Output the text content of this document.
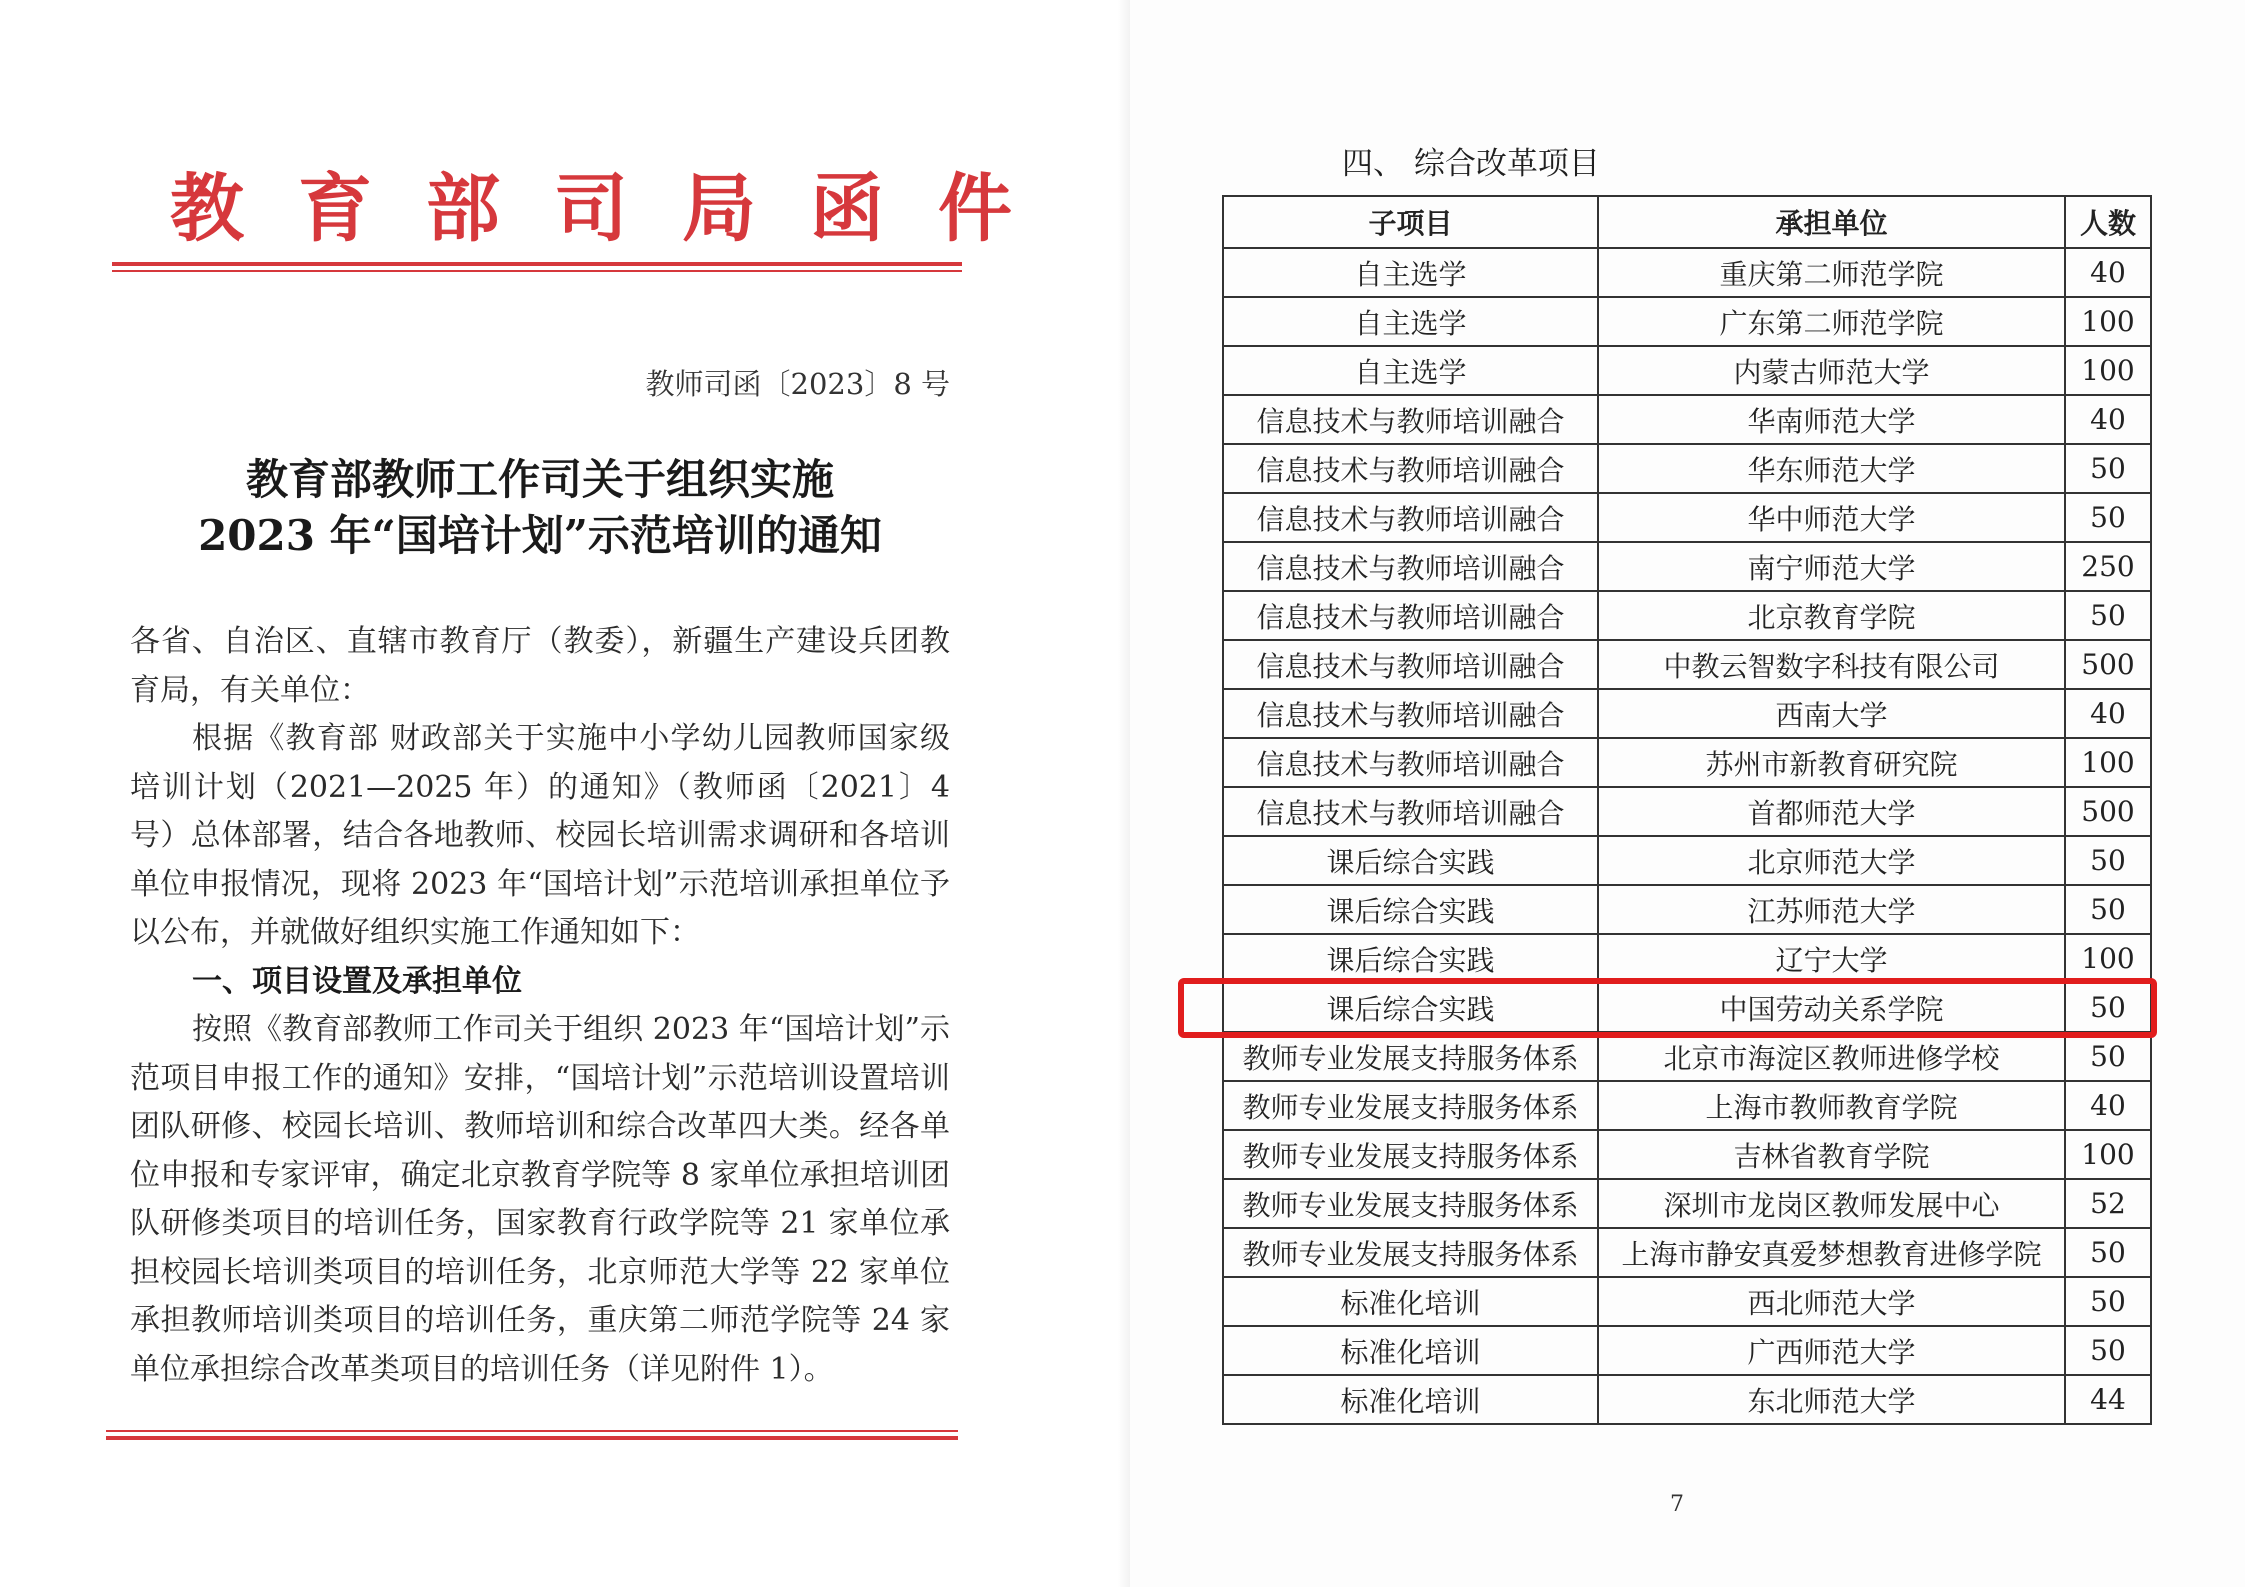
教育部司局函件
教师司函〔2023〕8 号
教育部教师工作司关于组织实施
2023 年“国培计划”示范培训的通知

各省、自治区、直辖市教育厅（教委），新疆生产建设兵团教育局，有关单位：

根据《教育部 财政部关于实施中小学幼儿园教师国家级培训计划（2021—2025 年）的通知》（教师函〔2021〕4 号）总体部署，结合各地教师、校园长培训需求调研和各培训单位申报情况，现将 2023 年“国培计划”示范培训承担单位予以公布，并就做好组织实施工作通知如下：

一、项目设置及承担单位

按照《教育部教师工作司关于组织 2023 年“国培计划”示范项目申报工作的通知》安排，“国培计划”示范培训设置培训团队研修、校园长培训、教师培训和综合改革四大类。经各单位申报和专家评审，确定北京教育学院等 8 家单位承担培训团队研修类项目的培训任务，国家教育行政学院等 21 家单位承担校园长培训类项目的培训任务，北京师范大学等 22 家单位承担教师培训类项目的培训任务，重庆第二师范学院等 24 家单位承担综合改革类项目的培训任务（详见附件 1）。

四、 综合改革项目
子项目	承担单位	人数
自主选学	重庆第二师范学院	40
自主选学	广东第二师范学院	100
自主选学	内蒙古师范大学	100
信息技术与教师培训融合	华南师范大学	40
信息技术与教师培训融合	华东师范大学	50
信息技术与教师培训融合	华中师范大学	50
信息技术与教师培训融合	南宁师范大学	250
信息技术与教师培训融合	北京教育学院	50
信息技术与教师培训融合	中教云智数字科技有限公司	500
信息技术与教师培训融合	西南大学	40
信息技术与教师培训融合	苏州市新教育研究院	100
信息技术与教师培训融合	首都师范大学	500
课后综合实践	北京师范大学	50
课后综合实践	江苏师范大学	50
课后综合实践	辽宁大学	100
课后综合实践	中国劳动关系学院	50
教师专业发展支持服务体系	北京市海淀区教师进修学校	50
教师专业发展支持服务体系	上海市教师教育学院	40
教师专业发展支持服务体系	吉林省教育学院	100
教师专业发展支持服务体系	深圳市龙岗区教师发展中心	52
教师专业发展支持服务体系	上海市静安真爱梦想教育进修学院	50
标准化培训	西北师范大学	50
标准化培训	广西师范大学	50
标准化培训	东北师范大学	44
7
